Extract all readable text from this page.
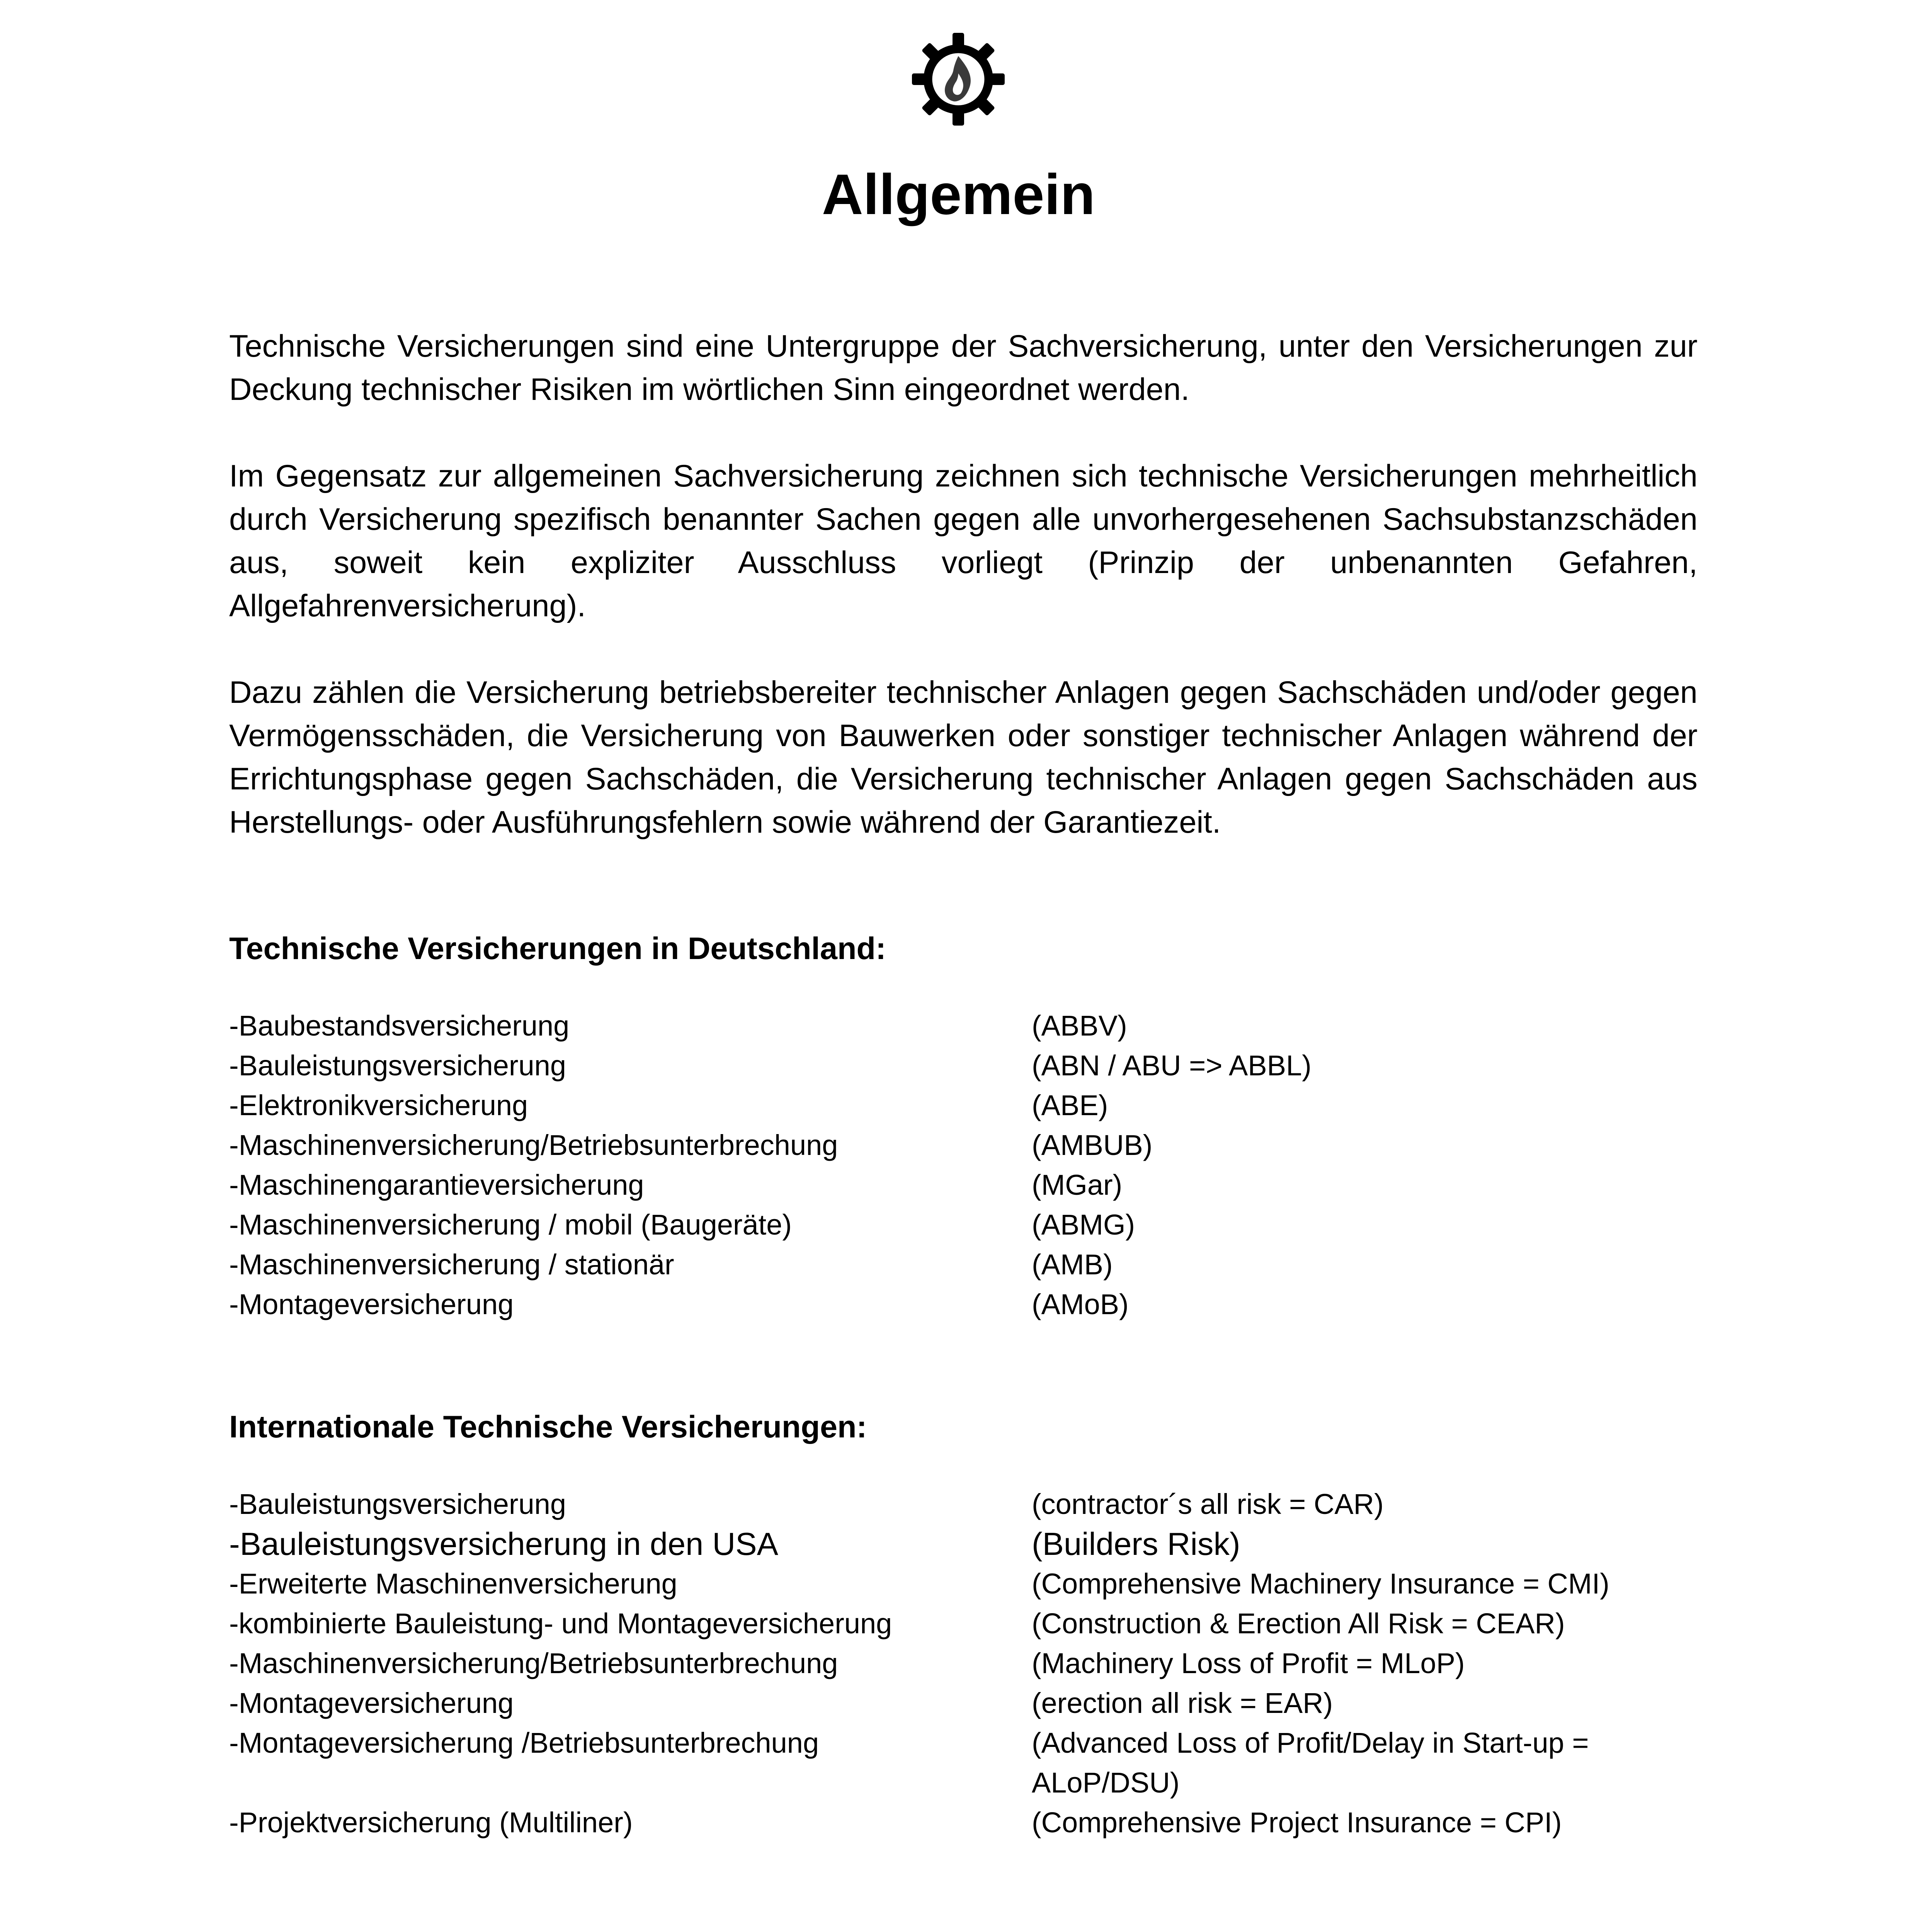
Allgemein

Technische Versicherungen sind eine Untergruppe der Sachversicherung, unter den Versicherungen zur Deckung technischer Risiken im wörtlichen Sinn eingeordnet werden.

Im Gegensatz zur allgemeinen Sachversicherung zeichnen sich technische Versicherungen mehrheitlich durch Versicherung spezifisch benannter Sachen gegen alle unvorhergesehenen Sachsubstanzschäden aus, soweit kein expliziter Ausschluss vorliegt (Prinzip der unbenannten Gefahren, Allgefahrenversicherung).

Dazu zählen die Versicherung betriebsbereiter technischer Anlagen gegen Sachschäden und/oder gegen Vermögensschäden, die Versicherung von Bauwerken oder sonstiger technischer Anlagen während der Errichtungsphase gegen Sachschäden, die Versicherung technischer Anlagen gegen Sachschäden aus Herstellungs- oder Ausführungsfehlern sowie während der Garantiezeit.

Technische Versicherungen in Deutschland:
-Baubestandsversicherung	(ABBV)
-Bauleistungsversicherung	(ABN / ABU => ABBL)
-Elektronikversicherung	(ABE)
-Maschinenversicherung/Betriebsunterbrechung	(AMBUB)
-Maschinengarantieversicherung	(MGar)
-Maschinenversicherung / mobil (Baugeräte)	(ABMG)
-Maschinenversicherung / stationär	(AMB)
-Montageversicherung	(AMoB)
Internationale Technische Versicherungen:
-Bauleistungsversicherung	(contractor´s all risk = CAR)
-Bauleistungsversicherung in den USA	(Builders Risk)
-Erweiterte Maschinenversicherung	(Comprehensive Machinery Insurance = CMI)
-kombinierte Bauleistung- und Montageversicherung	(Construction & Erection All Risk = CEAR)
-Maschinenversicherung/Betriebsunterbrechung	(Machinery Loss of Profit = MLoP)
-Montageversicherung	(erection all risk = EAR)
-Montageversicherung /Betriebsunterbrechung	(Advanced Loss of Profit/Delay in Start-up = ALoP/DSU)
-Projektversicherung (Multiliner)	(Comprehensive Project Insurance = CPI)
